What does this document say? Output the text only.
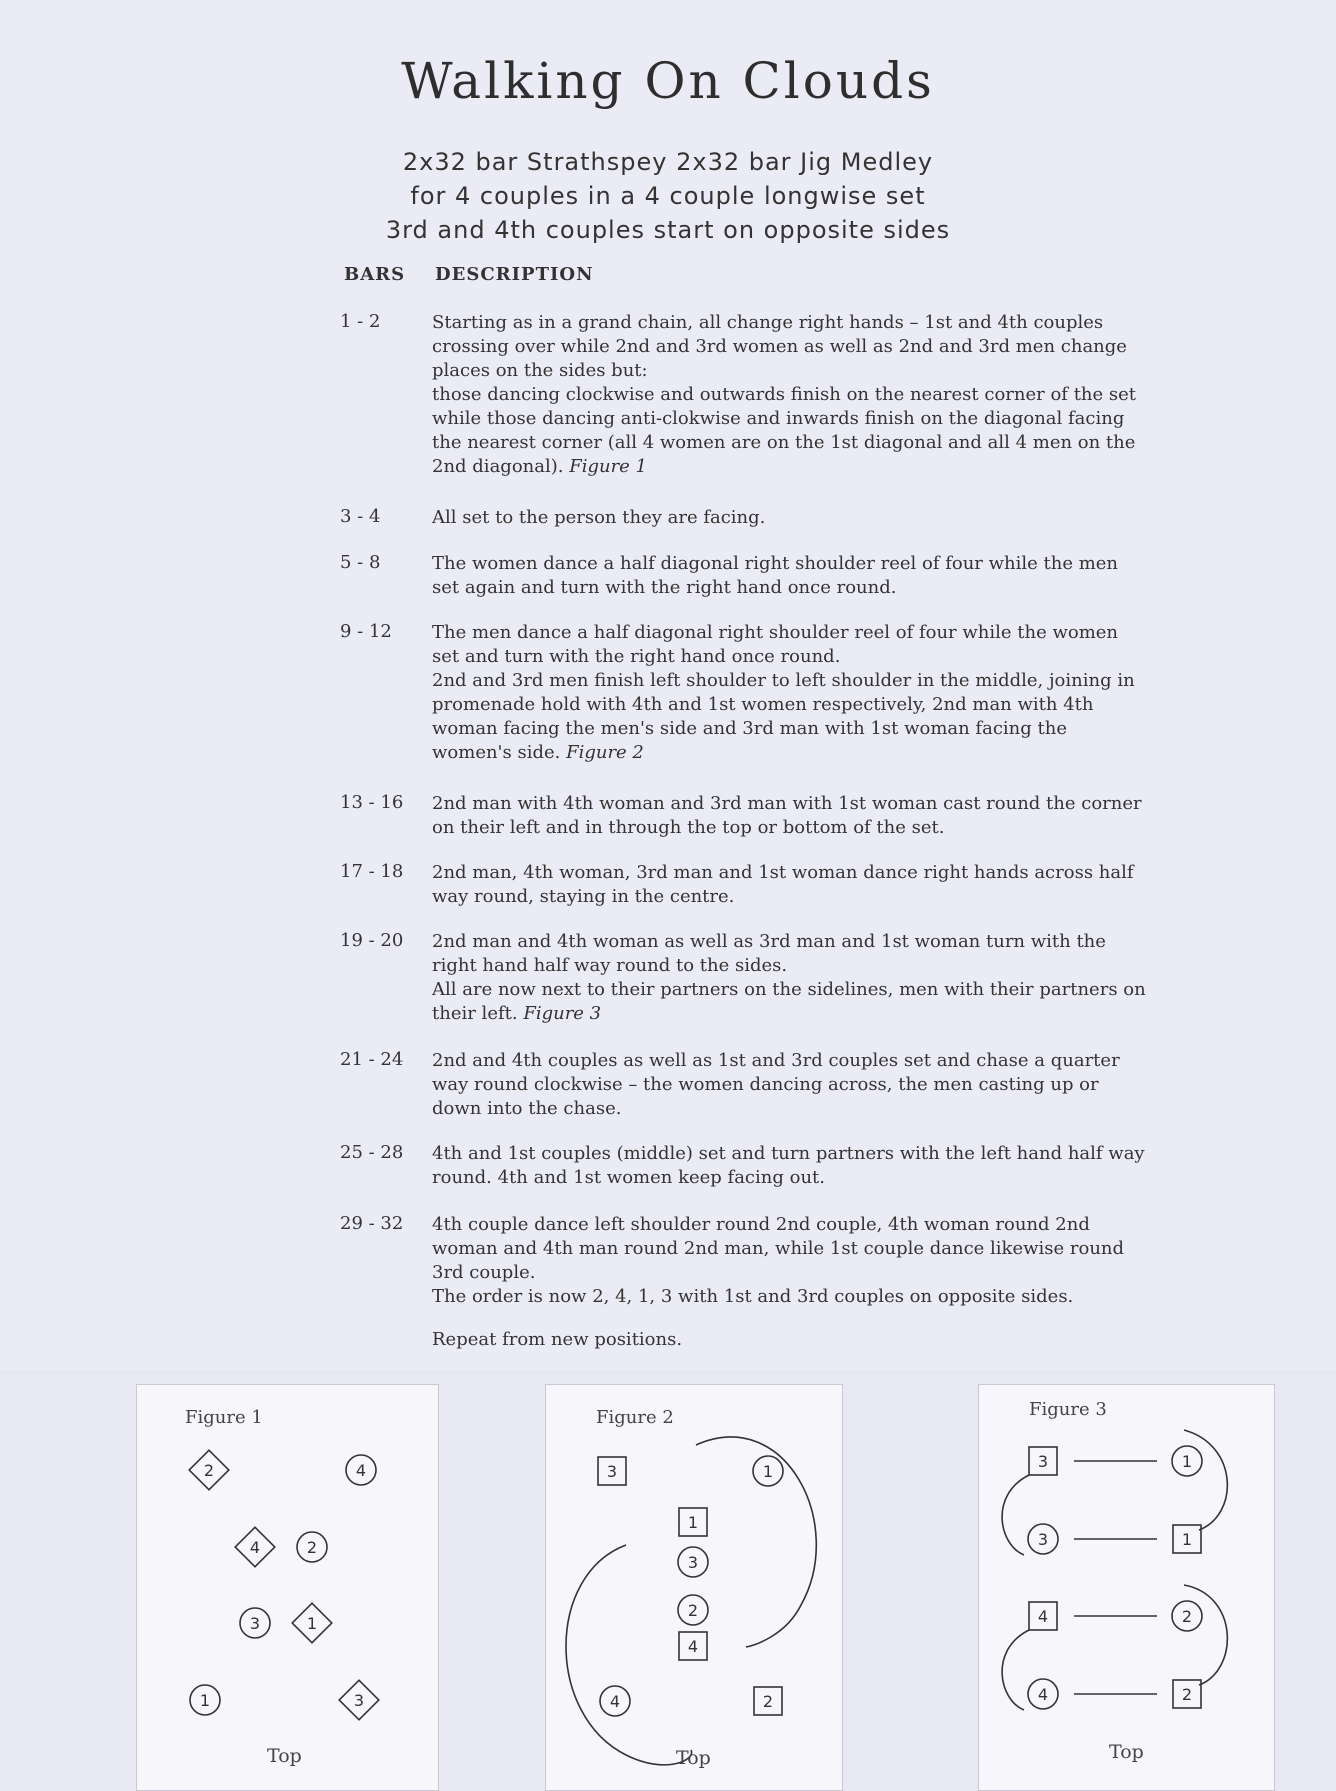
Walking On Clouds
2x32 bar Strathspey 2x32 bar Jig Medley
for 4 couples in a 4 couple longwise set
3rd and 4th couples start on opposite sides
BARS DESCRIPTION
1 - 2	Starting as in a grand chain, all change right hands – 1st and 4th couples crossing over while 2nd and 3rd women as well as 2nd and 3rd men change places on the sides but:

those dancing clockwise and outwards finish on the nearest corner of the set while those dancing anti-clokwise and inwards finish on the diagonal facing the nearest corner (all 4 women are on the 1st diagonal and all 4 men on the 2nd diagonal). Figure 1

3 - 4	All set to the person they are facing.

5 - 8	The women dance a half diagonal right shoulder reel of four while the men set again and turn with the right hand once round.

9 - 12 The men dance a half diagonal right shoulder reel of four while the women set and turn with the right hand once round.

2nd and 3rd men finish left shoulder to left shoulder in the middle, joining in promenade hold with 4th and 1st women respectively, 2nd man with 4th woman facing the men's side and 3rd man with 1st woman facing the women's side. Figure 2

13 - 16 2nd man with 4th woman and 3rd man with 1st woman cast round the corner on their left and in through the top or bottom of the set.

17 - 18 2nd man, 4th woman, 3rd man and 1st woman dance right hands across half way round, staying in the centre.

19 - 20 2nd man and 4th woman as well as 3rd man and 1st woman turn with the right hand half way round to the sides.

All are now next to their partners on the sidelines, men with their partners on their left. Figure 3

21 - 24 2nd and 4th couples as well as 1st and 3rd couples set and chase a quarter way round clockwise – the women dancing across, the men casting up or down into the chase.

25 - 28 4th and 1st couples (middle) set and turn partners with the left hand half way round. 4th and 1st women keep facing out.

29 - 32 4th couple dance left shoulder round 2nd couple, 4th woman round 2nd woman and 4th man round 2nd man, while 1st couple dance likewise round 3rd couple.

The order is now 2, 4, 1, 3 with 1st and 3rd couples on opposite sides.

Repeat from new positions.

Figure 1
2	4
4	2
3	1
1	3
Top
Figure 2
3	1
1
3
2
4
4	2
Top
Figure 3
3	1
3	1
4	2
4	2
Top
